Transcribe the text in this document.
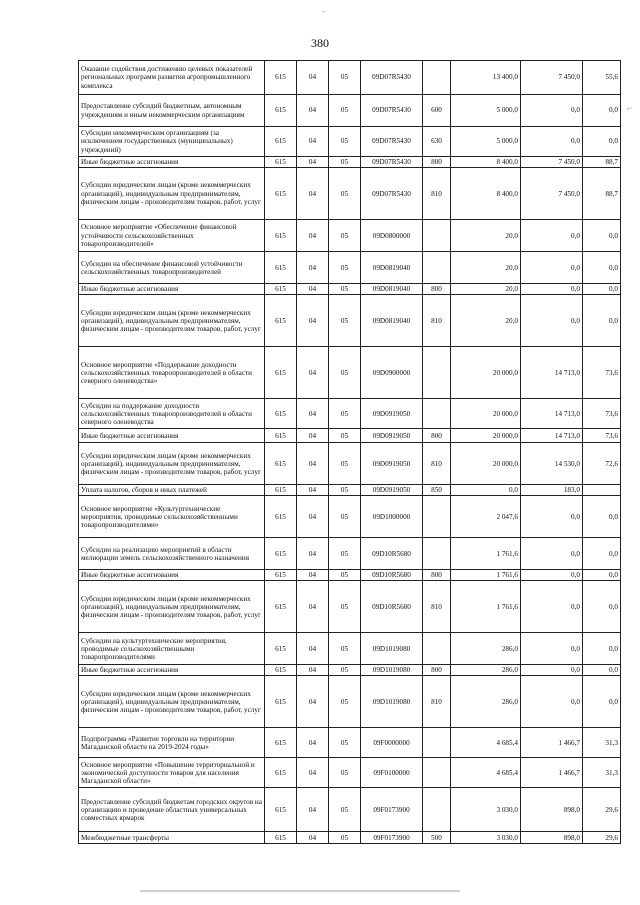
-
380
⌐
Оказание содействия достижению целевых показателей региональных программ развития агропромышленного комплекса	615	04	05	09D07R5430		13 400,0	7 450,0	55,6
Предоставление субсидий бюджетным, автономным учреждениям и иным некоммерческим организациям	615	04	05	09D07R5430	600	5 000,0	0,0	0,0
Субсидии некоммерческим организациям (за исключением государственных (муниципальных) учреждений)	615	04	05	09D07R5430	630	5 000,0	0,0	0,0
Иные бюджетные ассигнования	615	04	05	09D07R5430	800	8 400,0	7 450,0	88,7
Субсидии юридическим лицам (кроме некоммерческих организаций), индивидуальным предпринимателям, физическим лицам - производителям товаров, работ, услуг	615	04	05	09D07R5430	810	8 400,0	7 450,0	88,7
Основное мероприятие «Обеспечение финансовой устойчивости сельскохозяйственных товаропроизводителей»	615	04	05	09D0800000		20,0	0,0	0,0
Субсидии на обеспечение финансовой устойчивости сельскохозяйственных товаропроизводителей	615	04	05	09D0819040		20,0	0,0	0,0
Иные бюджетные ассигнования	615	04	05	09D0819040	800	20,0	0,0	0,0
Субсидии юридическим лицам (кроме некоммерческих организаций), индивидуальным предпринимателям, физическим лицам - производителям товаров, работ, услуг	615	04	05	09D0819040	810	20,0	0,0	0,0
Основное мероприятие «Поддержание доходности сельскохозяйственных товаропроизводителей в области северного оленеводства»	615	04	05	09D0900000		20 000,0	14 713,0	73,6
Субсидии на поддержание доходности сельскохозяйственных товаропроизводителей в области северного оленеводства	615	04	05	09D0919050		20 000,0	14 713,0	73,6
Иные бюджетные ассигнования	615	04	05	09D0919050	800	20 000,0	14 713,0	73,6
Субсидии юридическим лицам (кроме некоммерческих организаций), индивидуальным предпринимателям, физическим лицам - производителям товаров, работ, услуг	615	04	05	09D0919050	810	20 000,0	14 530,0	72,6
Уплата налогов, сборов и иных платежей	615	04	05	09D0919050	850	0,0	183,0	
Основное мероприятие «Культуртехнические мероприятия, проводимые сельскохозяйственными товаропроизводителями»	615	04	05	09D1000000		2 047,6	0,0	0,0
Субсидии на реализацию мероприятий в области мелиорации земель сельскохозяйственного назначения	615	04	05	09D10R5680		1 761,6	0,0	0,0
Иные бюджетные ассигнования	615	04	05	09D10R5680	800	1 761,6	0,0	0,0
Субсидии юридическим лицам (кроме некоммерческих организаций), индивидуальным предпринимателям, физическим лицам - производителям товаров, работ, услуг	615	04	05	09D10R5680	810	1 761,6	0,0	0,0
Субсидии на культуртехнические мероприятия, проводимые сельскохозяйственными товаропроизводителями	615	04	05	09D1019080		286,0	0,0	0,0
Иные бюджетные ассигнования	615	04	05	09D1019080	800	286,0	0,0	0,0
Субсидии юридическим лицам (кроме некоммерческих организаций), индивидуальным предпринимателям, физическим лицам - производителям товаров, работ, услуг	615	04	05	09D1019080	810	286,0	0,0	0,0
Подпрограмма «Развитие торговли на территории Магаданской области на 2019-2024 годы»	615	04	05	09F0000000		4 685,4	1 466,7	31,3
Основное мероприятие «Повышение территориальной и экономической доступности товаров для населения Магаданской области»	615	04	05	09F0100000		4 685,4	1 466,7	31,3
Предоставление субсидий бюджетам городских округов на организацию и проведение областных универсальных совместных ярмарок	615	04	05	09F0173900		3 030,0	898,0	29,6
Межбюджетные трансферты	615	04	05	09F0173900	500	3 030,0	898,0	29,6
